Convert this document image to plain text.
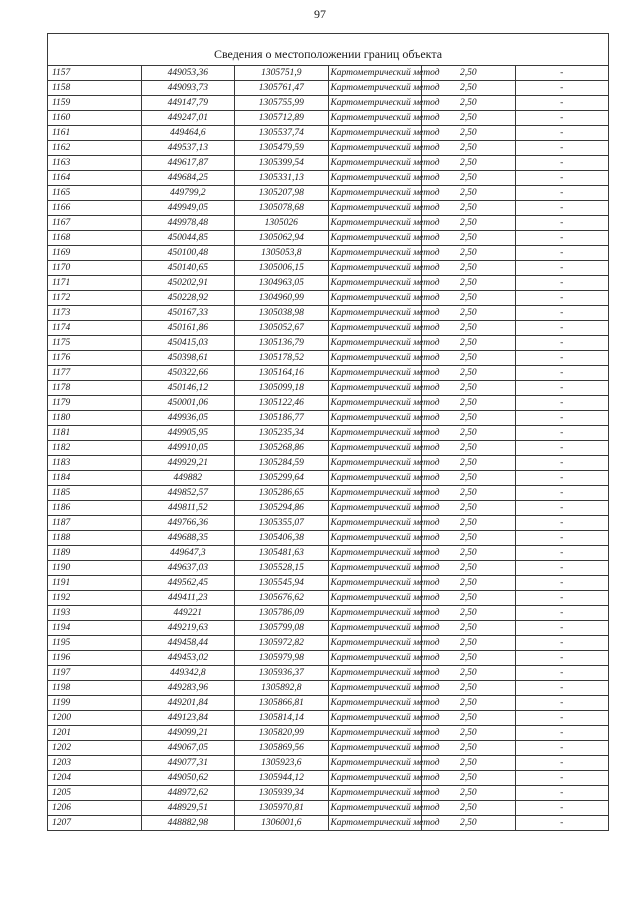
97
Сведения о местоположении границ объекта					
1157	449053,36	1305751,9	Картометрический метод	2,50	-
1158	449093,73	1305761,47	Картометрический метод	2,50	-
1159	449147,79	1305755,99	Картометрический метод	2,50	-
1160	449247,01	1305712,89	Картометрический метод	2,50	-
1161	449464,6	1305537,74	Картометрический метод	2,50	-
1162	449537,13	1305479,59	Картометрический метод	2,50	-
1163	449617,87	1305399,54	Картометрический метод	2,50	-
1164	449684,25	1305331,13	Картометрический метод	2,50	-
1165	449799,2	1305207,98	Картометрический метод	2,50	-
1166	449949,05	1305078,68	Картометрический метод	2,50	-
1167	449978,48	1305026	Картометрический метод	2,50	-
1168	450044,85	1305062,94	Картометрический метод	2,50	-
1169	450100,48	1305053,8	Картометрический метод	2,50	-
1170	450140,65	1305006,15	Картометрический метод	2,50	-
1171	450202,91	1304963,05	Картометрический метод	2,50	-
1172	450228,92	1304960,99	Картометрический метод	2,50	-
1173	450167,33	1305038,98	Картометрический метод	2,50	-
1174	450161,86	1305052,67	Картометрический метод	2,50	-
1175	450415,03	1305136,79	Картометрический метод	2,50	-
1176	450398,61	1305178,52	Картометрический метод	2,50	-
1177	450322,66	1305164,16	Картометрический метод	2,50	-
1178	450146,12	1305099,18	Картометрический метод	2,50	-
1179	450001,06	1305122,46	Картометрический метод	2,50	-
1180	449936,05	1305186,77	Картометрический метод	2,50	-
1181	449905,95	1305235,34	Картометрический метод	2,50	-
1182	449910,05	1305268,86	Картометрический метод	2,50	-
1183	449929,21	1305284,59	Картометрический метод	2,50	-
1184	449882	1305299,64	Картометрический метод	2,50	-
1185	449852,57	1305286,65	Картометрический метод	2,50	-
1186	449811,52	1305294,86	Картометрический метод	2,50	-
1187	449766,36	1305355,07	Картометрический метод	2,50	-
1188	449688,35	1305406,38	Картометрический метод	2,50	-
1189	449647,3	1305481,63	Картометрический метод	2,50	-
1190	449637,03	1305528,15	Картометрический метод	2,50	-
1191	449562,45	1305545,94	Картометрический метод	2,50	-
1192	449411,23	1305676,62	Картометрический метод	2,50	-
1193	449221	1305786,09	Картометрический метод	2,50	-
1194	449219,63	1305799,08	Картометрический метод	2,50	-
1195	449458,44	1305972,82	Картометрический метод	2,50	-
1196	449453,02	1305979,98	Картометрический метод	2,50	-
1197	449342,8	1305936,37	Картометрический метод	2,50	-
1198	449283,96	1305892,8	Картометрический метод	2,50	-
1199	449201,84	1305866,81	Картометрический метод	2,50	-
1200	449123,84	1305814,14	Картометрический метод	2,50	-
1201	449099,21	1305820,99	Картометрический метод	2,50	-
1202	449067,05	1305869,56	Картометрический метод	2,50	-
1203	449077,31	1305923,6	Картометрический метод	2,50	-
1204	449050,62	1305944,12	Картометрический метод	2,50	-
1205	448972,62	1305939,34	Картометрический метод	2,50	-
1206	448929,51	1305970,81	Картометрический метод	2,50	-
1207	448882,98	1306001,6	Картометрический метод	2,50	-
